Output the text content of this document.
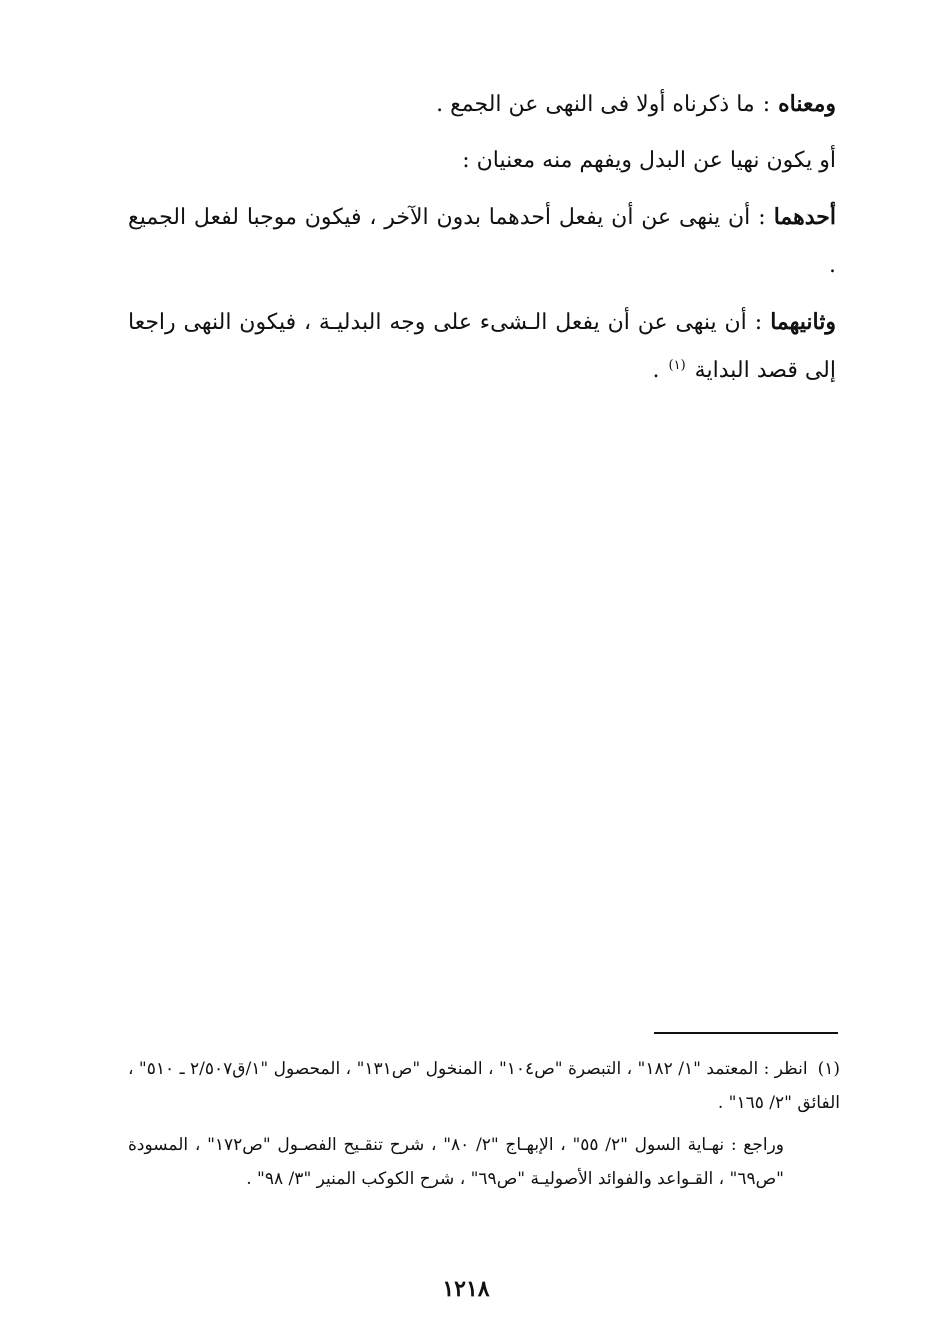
ومعناه:ما ذكرناه أولا فى النهى عن الجمع .

أو يكون نهيا عن البدل ويفهم منه معنيان :

أحدهما:أن ينهى عن أن يفعل أحدهما بدون الآخر ، فيكون موجبا لفعل الجميع .

وثانيهما:أن ينهى عن أن يفعل الـشىء على وجه البدليـة ، فيكون النهى راجعا إلى قصد البداية $^{(١)}$ .

(١)انظر : المعتمد "١/ ١٨٢" ، التبصرة "ص١٠٤" ، المنخول "ص١٣١" ، المحصول "١/ق٢/٥٠٧ ـ ٥١٠" ، الفائق "٢/ ١٦٥" .

وراجع : نهـاية السول "٢/ ٥٥" ، الإبهـاج "٢/ ٨٠" ، شرح تنقـيح الفصـول "ص١٧٢" ، المسودة "ص٦٩" ، القـواعد والفوائد الأصوليـة "ص٦٩" ، شرح الكوكب المنير "٣/ ٩٨" .

١٢١٨
